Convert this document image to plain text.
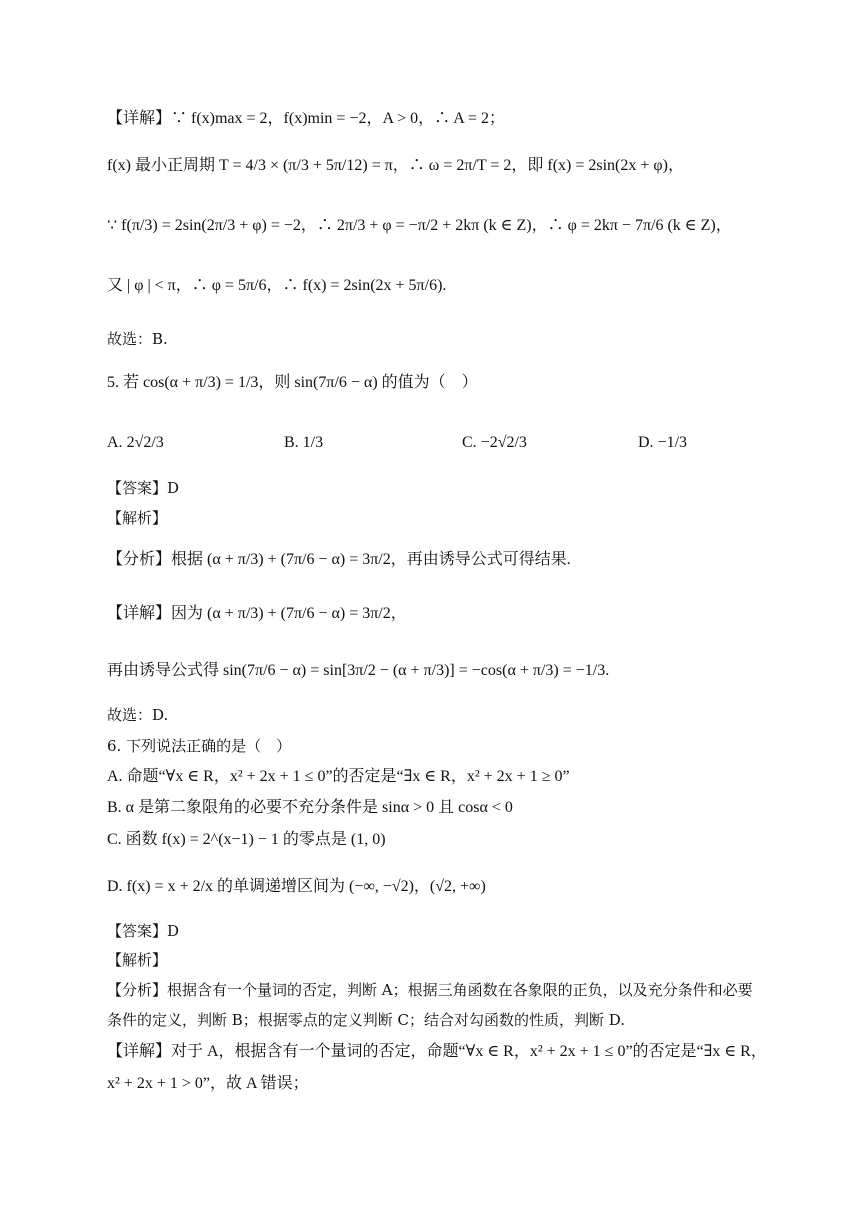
【详解】∵ f(x)max = 2，f(x)min = −2，A > 0，∴ A = 2；
f(x) 最小正周期 T = 4/3 × (π/3 + 5π/12) = π，∴ ω = 2π/T = 2，即 f(x) = 2sin(2x + φ)，
∵ f(π/3) = 2sin(2π/3 + φ) = −2，∴ 2π/3 + φ = −π/2 + 2kπ (k ∈ Z)，∴ φ = 2kπ − 7π/6 (k ∈ Z)，
又 | φ | < π，∴ φ = 5π/6，∴ f(x) = 2sin(2x + 5π/6).
故选：B.
5. 若 cos(α + π/3) = 1/3，则 sin(7π/6 − α) 的值为（　）
A. 2√2/3	B. 1/3	C. −2√2/3	D. −1/3
【答案】D
【解析】
【分析】根据 (α + π/3) + (7π/6 − α) = 3π/2，再由诱导公式可得结果.
【详解】因为 (α + π/3) + (7π/6 − α) = 3π/2，
再由诱导公式得 sin(7π/6 − α) = sin[3π/2 − (α + π/3)] = −cos(α + π/3) = −1/3.
故选：D.
6. 下列说法正确的是（　）
A. 命题“∀x ∈ R，x² + 2x + 1 ≤ 0”的否定是“∃x ∈ R，x² + 2x + 1 ≥ 0”
B. α 是第二象限角的必要不充分条件是 sinα > 0 且 cosα < 0
C. 函数 f(x) = 2^(x−1) − 1 的零点是 (1, 0)
D. f(x) = x + 2/x 的单调递增区间为 (−∞, −√2)，(√2, +∞)
【答案】D
【解析】
【分析】根据含有一个量词的否定，判断 A；根据三角函数在各象限的正负，以及充分条件和必要
条件的定义，判断 B；根据零点的定义判断 C；结合对勾函数的性质，判断 D.
【详解】对于 A，根据含有一个量词的否定，命题“∀x ∈ R，x² + 2x + 1 ≤ 0”的否定是“∃x ∈ R，
x² + 2x + 1 > 0”，故 A 错误；
